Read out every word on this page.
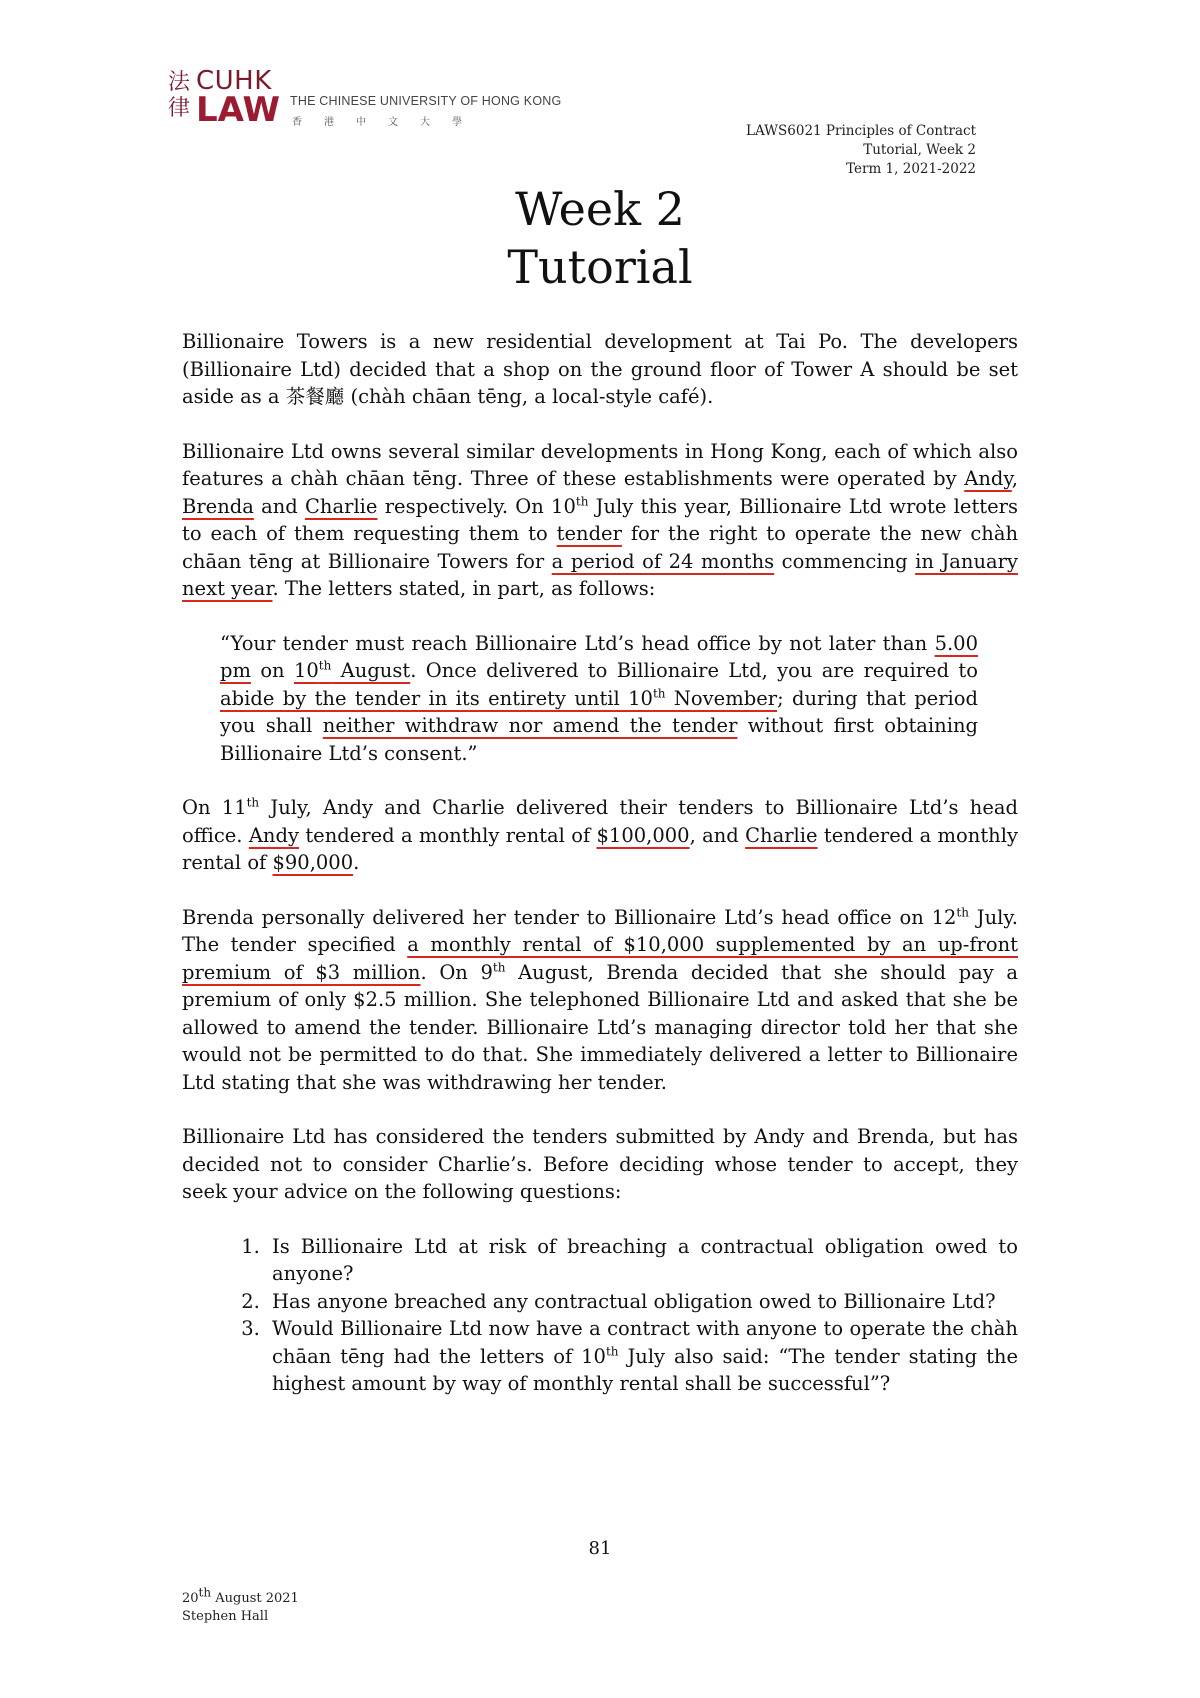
法律
CUHK
LAW THE CHINESE UNIVERSITY OF HONG KONG
香港中文大學
LAWS6021 Principles of Contract
Tutorial, Week 2
Term 1, 2021-2022
Week 2
Tutorial

Billionaire Towers is a new residential development at Tai Po. The developers (Billionaire Ltd) decided that a shop on the ground floor of Tower A should be set aside as a 茶餐廳 (chàh chāan tēng, a local-style café).

Billionaire Ltd owns several similar developments in Hong Kong, each of which also features a chàh chāan tēng. Three of these establishments were operated by Andy, Brenda and Charlie respectively. On 10th July this year, Billionaire Ltd wrote letters to each of them requesting them to tender for the right to operate the new chàh chāan tēng at Billionaire Towers for a period of 24 months commencing in January next year. The letters stated, in part, as follows:

“Your tender must reach Billionaire Ltd’s head office by not later than 5.00 pm on 10th August. Once delivered to Billionaire Ltd, you are required to abide by the tender in its entirety until 10th November; during that period you shall neither withdraw nor amend the tender without first obtaining Billionaire Ltd’s consent.”

On 11th July, Andy and Charlie delivered their tenders to Billionaire Ltd’s head office. Andy tendered a monthly rental of $100,000, and Charlie tendered a monthly rental of $90,000.

Brenda personally delivered her tender to Billionaire Ltd’s head office on 12th July. The tender specified a monthly rental of $10,000 supplemented by an up-front premium of $3 million. On 9th August, Brenda decided that she should pay a premium of only $2.5 million. She telephoned Billionaire Ltd and asked that she be allowed to amend the tender. Billionaire Ltd’s managing director told her that she would not be permitted to do that. She immediately delivered a letter to Billionaire Ltd stating that she was withdrawing her tender.

Billionaire Ltd has considered the tenders submitted by Andy and Brenda, but has decided not to consider Charlie’s. Before deciding whose tender to accept, they seek your advice on the following questions:

1. Is Billionaire Ltd at risk of breaching a contractual obligation owed to anyone?
2. Has anyone breached any contractual obligation owed to Billionaire Ltd?
3. Would Billionaire Ltd now have a contract with anyone to operate the chàh chāan tēng had the letters of 10th July also said: “The tender stating the highest amount by way of monthly rental shall be successful”?
81
20th August 2021
Stephen Hall
